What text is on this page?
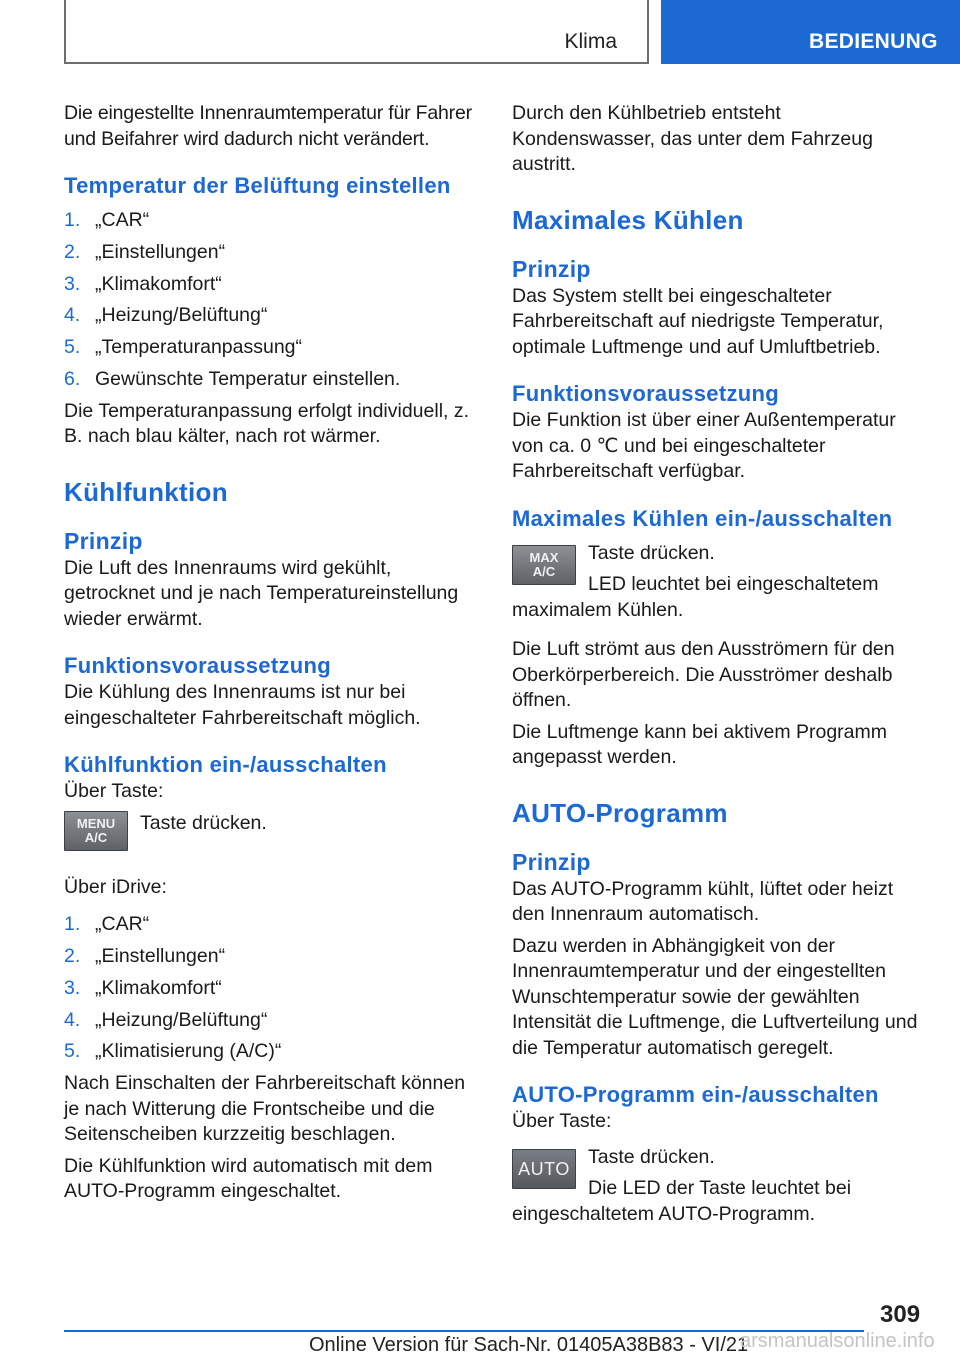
Klima	BEDIENUNG

Die eingestellte Innenraumtemperatur für Fahrer und Beifahrer wird dadurch nicht verändert.

Temperatur der Belüftung einstellen
1. „CAR“
2. „Einstellungen“
3. „Klimakomfort“
4. „Heizung/Belüftung“
5. „Temperaturanpassung“
6. Gewünschte Temperatur einstellen.

Die Temperaturanpassung erfolgt individuell, z. B. nach blau kälter, nach rot wärmer.

Kühlfunktion
Prinzip

Die Luft des Innenraums wird gekühlt, getrocknet und je nach Temperatureinstellung wieder erwärmt.

Funktionsvoraussetzung

Die Kühlung des Innenraums ist nur bei eingeschalteter Fahrbereitschaft möglich.

Kühlfunktion ein-/ausschalten

Über Taste:

MENU
A/C
Taste drücken.

Über iDrive:

1. „CAR“
2. „Einstellungen“
3. „Klimakomfort“
4. „Heizung/Belüftung“
5. „Klimatisierung (A/C)“

Nach Einschalten der Fahrbereitschaft können je nach Witterung die Frontscheibe und die Seitenscheiben kurzzeitig beschlagen.

Die Kühlfunktion wird automatisch mit dem AUTO-Programm eingeschaltet.

Durch den Kühlbetrieb entsteht Kondenswasser, das unter dem Fahrzeug austritt.

Maximales Kühlen
Prinzip

Das System stellt bei eingeschalteter Fahrbereitschaft auf niedrigste Temperatur, optimale Luftmenge und auf Umluftbetrieb.

Funktionsvoraussetzung

Die Funktion ist über einer Außentemperatur von ca. 0 ℃ und bei eingeschalteter Fahrbereitschaft verfügbar.

Maximales Kühlen ein-/ausschalten
MAX
A/C
Taste drücken.
LED leuchtet bei eingeschaltetem maximalem Kühlen.

Die Luft strömt aus den Ausströmern für den Oberkörperbereich. Die Ausströmer deshalb öffnen.

Die Luftmenge kann bei aktivem Programm angepasst werden.

AUTO-Programm
Prinzip

Das AUTO-Programm kühlt, lüftet oder heizt den Innenraum automatisch.

Dazu werden in Abhängigkeit von der Innenraumtemperatur und der eingestellten Wunschtemperatur sowie der gewählten Intensität die Luftmenge, die Luftverteilung und die Temperatur automatisch geregelt.

AUTO-Programm ein-/ausschalten

Über Taste:

AUTO
Taste drücken.
Die LED der Taste leuchtet bei eingeschaltetem AUTO-Programm.
309
Online Version für Sach-Nr. 01405A38B83 - VI/21
arsmanualsonline.info
